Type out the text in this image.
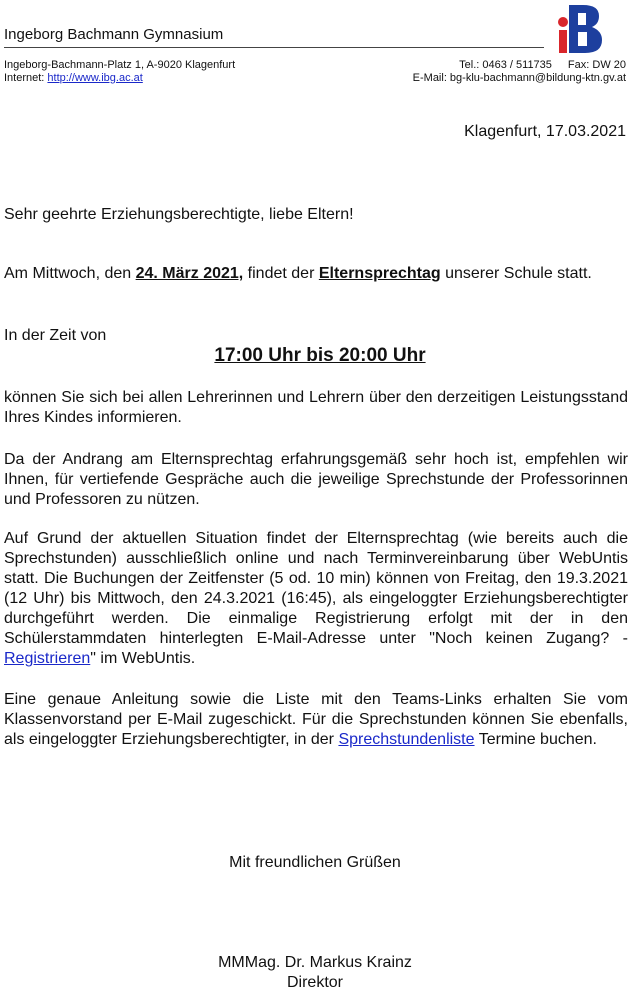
Ingeborg Bachmann Gymnasium
Ingeborg-Bachmann-Platz 1, A-9020 Klagenfurt
Internet: http://www.ibg.ac.at
Tel.: 0463 / 511735 Fax: DW 20
E-Mail: bg-klu-bachmann@bildung-ktn.gv.at
Klagenfurt, 17.03.2021

Sehr geehrte Erziehungsberechtigte, liebe Eltern!

Am Mittwoch, den 24. März 2021, findet der Elternsprechtag unserer Schule statt.

In der Zeit von

17:00 Uhr bis 20:00 Uhr

können Sie sich bei allen Lehrerinnen und Lehrern über den derzeitigen Leistungsstand Ihres Kindes informieren.

Da der Andrang am Elternsprechtag erfahrungsgemäß sehr hoch ist, empfehlen wir Ihnen, für vertiefende Gespräche auch die jeweilige Sprechstunde der Professorinnen und Professoren zu nützen.

Auf Grund der aktuellen Situation findet der Elternsprechtag (wie bereits auch die Sprechstunden) ausschließlich online und nach Terminvereinbarung über WebUntis statt. Die Buchungen der Zeitfenster (5 od. 10 min) können von Freitag, den 19.3.2021 (12 Uhr) bis Mittwoch, den 24.3.2021 (16:45), als eingeloggter Erziehungsberechtigter durchgeführt werden. Die einmalige Registrierung erfolgt mit der in den Schülerstammdaten hinterlegten E-Mail-Adresse unter "Noch keinen Zugang? - Registrieren" im WebUntis.

Eine genaue Anleitung sowie die Liste mit den Teams-Links erhalten Sie vom Klassenvorstand per E-Mail zugeschickt. Für die Sprechstunden können Sie ebenfalls, als eingeloggter Erziehungsberechtigter, in der Sprechstundenliste Termine buchen.

Mit freundlichen Grüßen
MMMag. Dr. Markus Krainz
Direktor
